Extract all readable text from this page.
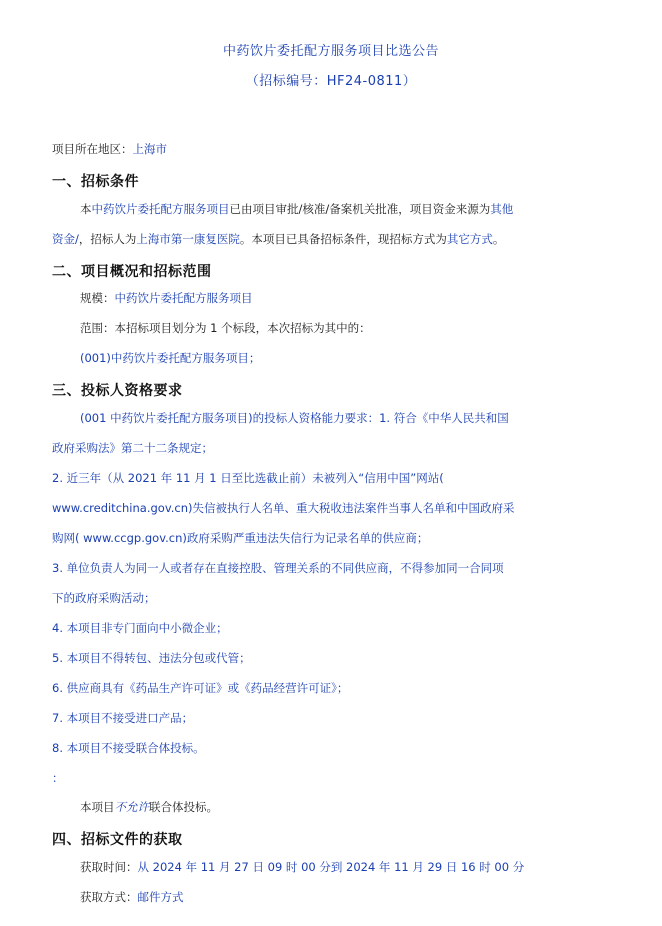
中药饮片委托配方服务项目比选公告
（招标编号：HF24-0811）
项目所在地区：上海市
一、招标条件
本中药饮片委托配方服务项目已由项目审批/核准/备案机关批准，项目资金来源为其他
资金/，招标人为上海市第一康复医院。本项目已具备招标条件，现招标方式为其它方式。
二、项目概况和招标范围
规模：中药饮片委托配方服务项目
范围：本招标项目划分为 1 个标段，本次招标为其中的：
(001)中药饮片委托配方服务项目；
三、投标人资格要求
(001 中药饮片委托配方服务项目)的投标人资格能力要求：1. 符合《中华人民共和国
政府采购法》第二十二条规定；
2. 近三年（从 2021 年 11 月 1 日至比选截止前）未被列入“信用中国”网站(
www.creditchina.gov.cn)失信被执行人名单、重大税收违法案件当事人名单和中国政府采
购网( www.ccgp.gov.cn)政府采购严重违法失信行为记录名单的供应商；
3. 单位负责人为同一人或者存在直接控股、管理关系的不同供应商，不得参加同一合同项
下的政府采购活动；
4. 本项目非专门面向中小微企业；
5. 本项目不得转包、违法分包或代管；
6. 供应商具有《药品生产许可证》或《药品经营许可证》；
7. 本项目不接受进口产品；
8. 本项目不接受联合体投标。
：
本项目不允许联合体投标。
四、招标文件的获取
获取时间：从 2024 年 11 月 27 日 09 时 00 分到 2024 年 11 月 29 日 16 时 00 分
获取方式：邮件方式
